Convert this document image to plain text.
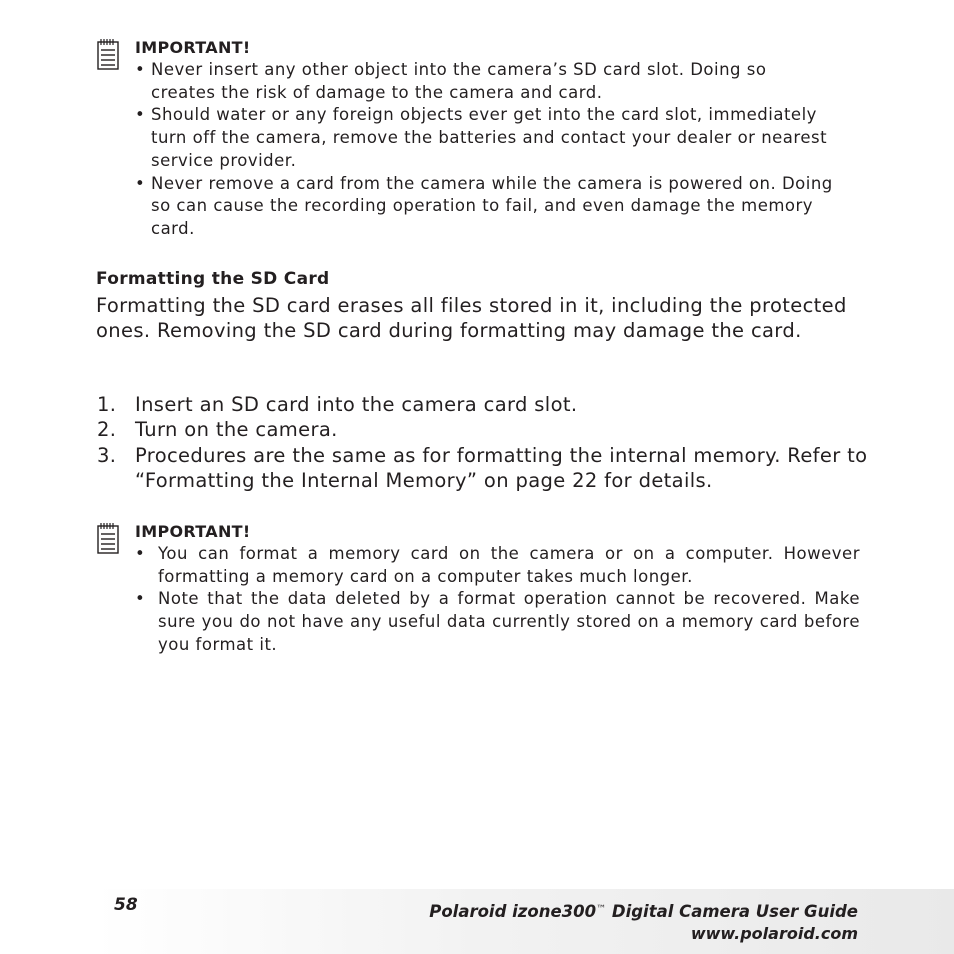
IMPORTANT!
• Never insert any other object into the camera’s SD card slot. Doing so creates the risk of damage to the camera and card.
• Should water or any foreign objects ever get into the card slot, immediately turn off the camera, remove the batteries and contact your dealer or nearest service provider.
• Never remove a card from the camera while the camera is powered on. Doing so can cause the recording operation to fail, and even damage the memory card.
Formatting the SD Card
Formatting the SD card erases all files stored in it, including the protected ones. Removing the SD card during formatting may damage the card.
1. Insert an SD card into the camera card slot.
2. Turn on the camera.
3. Procedures are the same as for formatting the internal memory. Refer to “Formatting the Internal Memory” on page 22 for details.
IMPORTANT!
• You can format a memory card on the camera or on a computer. However formatting a memory card on a computer takes much longer.
• Note that the data deleted by a format operation cannot be recovered. Make sure you do not have any useful data currently stored on a memory card before you format it.
58	Polaroid izone300™ Digital Camera User Guide
www.polaroid.com
